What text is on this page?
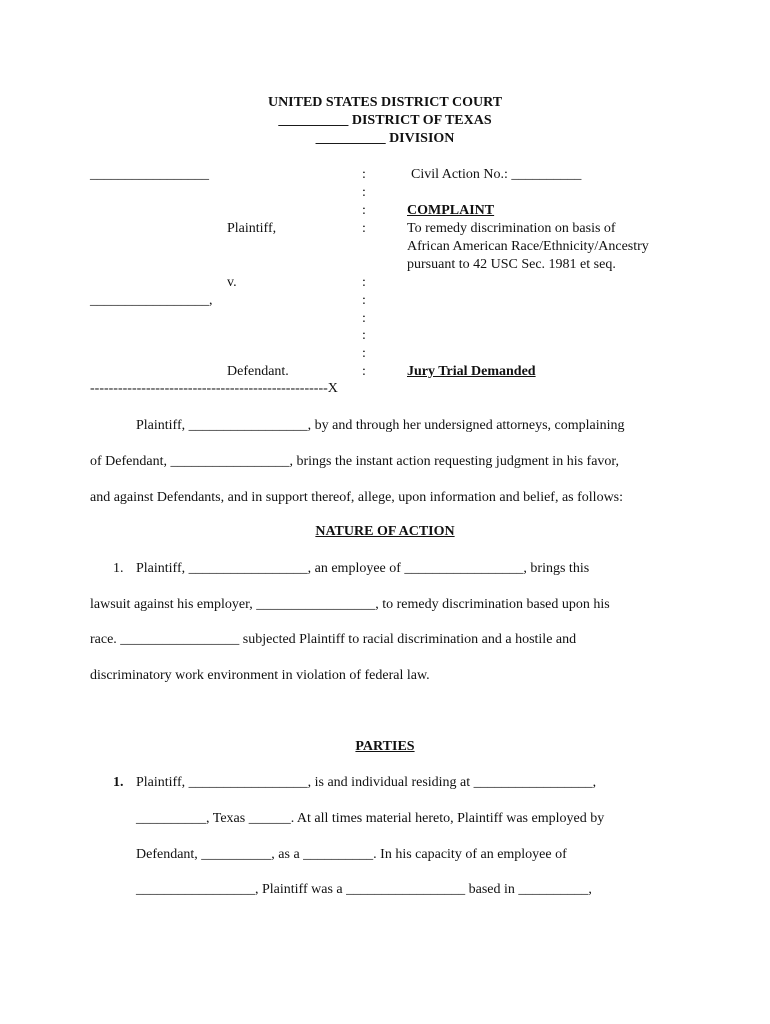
UNITED STATES DISTRICT COURT
__________ DISTRICT OF TEXAS
__________ DIVISION
_________________
Plaintiff,
v.
_________________,
Defendant.
:
:
:
:
:
:
:
:
:
:
---------------------------------------------------X
Civil Action No.: __________
COMPLAINT
To remedy discrimination on basis of
African American Race/Ethnicity/Ancestry
pursuant to 42 USC Sec. 1981 et seq.
Jury Trial Demanded
Plaintiff, _________________, by and through her undersigned attorneys, complaining
of Defendant, _________________, brings the instant action requesting judgment in his favor,
and against Defendants, and in support thereof, allege, upon information and belief, as follows:
NATURE OF ACTION
1. Plaintiff, _________________, an employee of _________________, brings this
lawsuit against his employer, _________________, to remedy discrimination based upon his
race. _________________ subjected Plaintiff to racial discrimination and a hostile and
discriminatory work environment in violation of federal law.
PARTIES
1. Plaintiff, _________________, is and individual residing at _________________,
__________, Texas ______. At all times material hereto, Plaintiff was employed by
Defendant, __________, as a __________. In his capacity of an employee of
_________________, Plaintiff was a _________________ based in __________,
